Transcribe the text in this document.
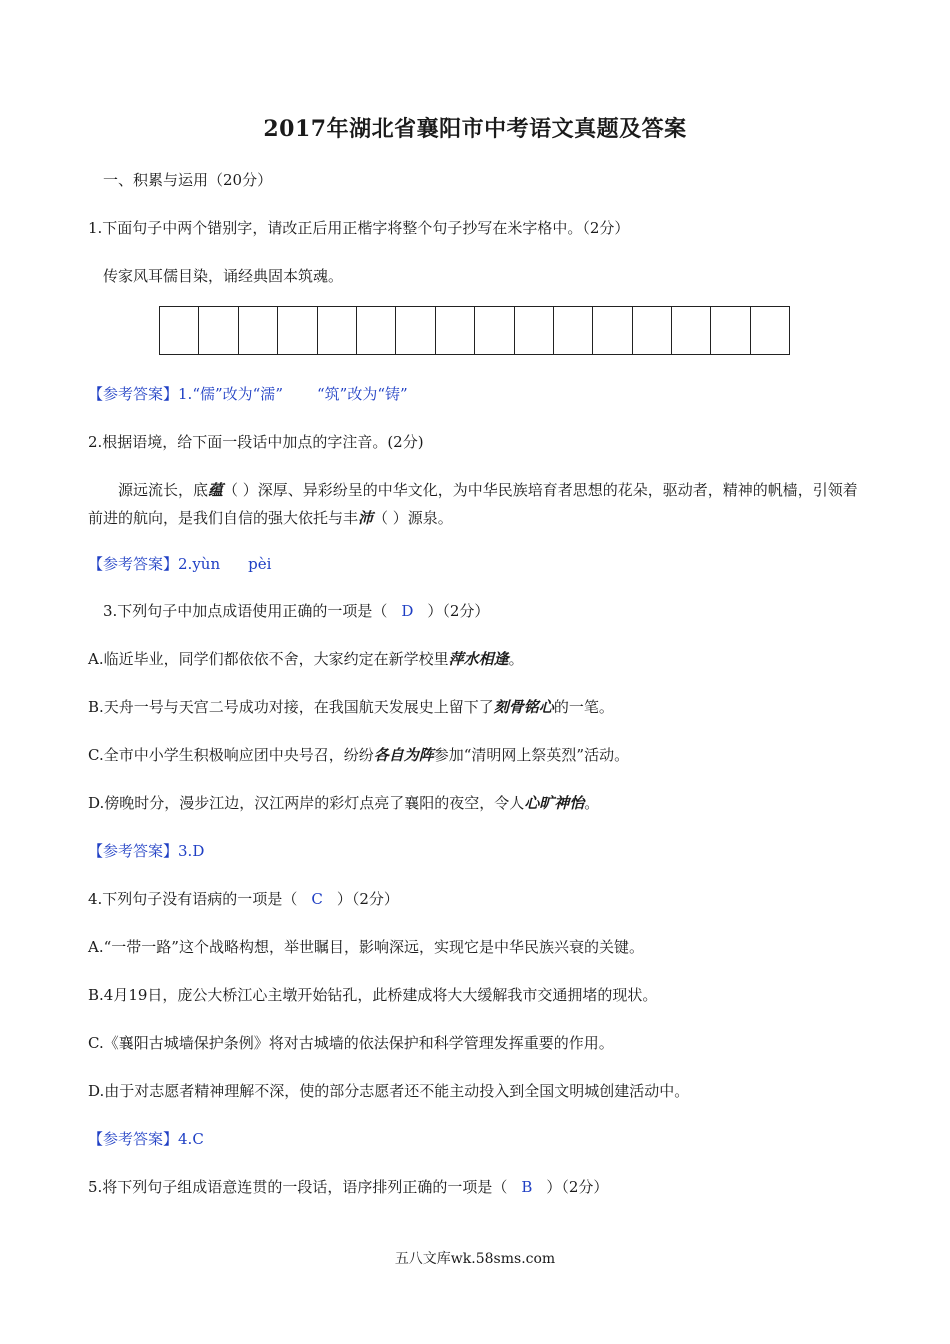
2017年湖北省襄阳市中考语文真题及答案
一、积累与运用（20分）
1.下面句子中两个错别字，请改正后用正楷字将整个句子抄写在米字格中。（2分）
传家风耳儒目染，诵经典固本筑魂。
【参考答案】1.“儒”改为“濡” “筑”改为“铸”
2.根据语境，给下面一段话中加点的字注音。(2分)
源远流长，底蕴（ ）深厚、异彩纷呈的中华文化，为中华民族培育者思想的花朵，驱动者，精神的帆樯，引领着前进的航向，是我们自信的强大依托与丰沛（ ）源泉。
【参考答案】2.yùn pèi
3.下列句子中加点成语使用正确的一项是（ D ）（2分）
A.临近毕业，同学们都依依不舍，大家约定在新学校里萍水相逢。
B.天舟一号与天宫二号成功对接，在我国航天发展史上留下了刻骨铭心的一笔。
C.全市中小学生积极响应团中央号召，纷纷各自为阵参加“清明网上祭英烈”活动。
D.傍晚时分，漫步江边，汉江两岸的彩灯点亮了襄阳的夜空，令人心旷神怡。
【参考答案】3.D
4.下列句子没有语病的一项是（ C ）（2分）
A.“一带一路”这个战略构想，举世瞩目，影响深远，实现它是中华民族兴衰的关键。
B.4月19日，庞公大桥江心主墩开始钻孔，此桥建成将大大缓解我市交通拥堵的现状。
C.《襄阳古城墙保护条例》将对古城墙的依法保护和科学管理发挥重要的作用。
D.由于对志愿者精神理解不深，使的部分志愿者还不能主动投入到全国文明城创建活动中。
【参考答案】4.C
5.将下列句子组成语意连贯的一段话，语序排列正确的一项是（ B ）（2分）
五八文库wk.58sms.com
